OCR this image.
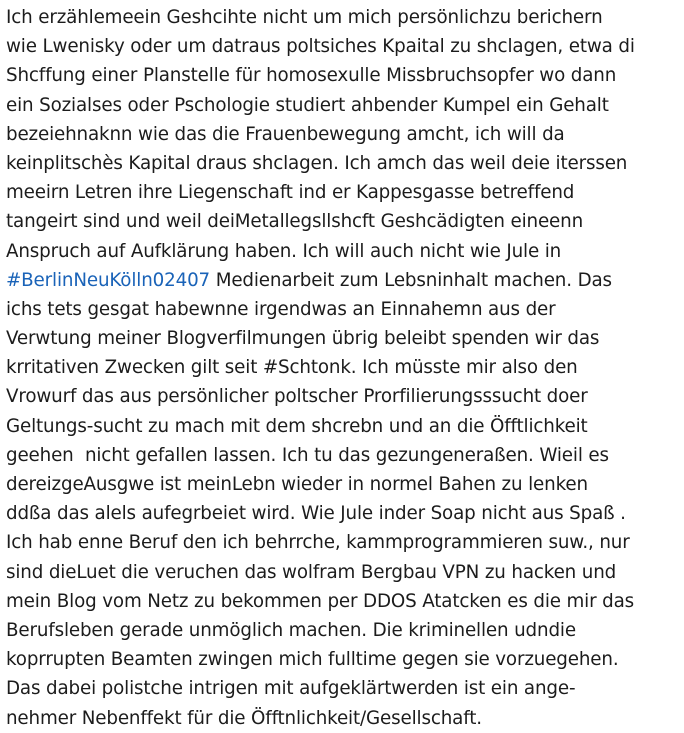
Ich erzählemeein Geshcihte nicht um mich persönlichzu berichern
wie Lwenisky oder um datraus poltsiches Kpaital zu shclagen, etwa di
Shcffung einer Planstelle für homosexulle Missbruchsopfer wo dann
ein Sozialses oder Pschologie studiert ahbender Kumpel ein Gehalt
bezeiehnaknn wie das die Frauenbewegung amcht, ich will da
keinplitschès Kapital draus shclagen. Ich amch das weil deie iterssen
meeirn Letren ihre Liegenschaft ind er Kappesgasse betreffend
tangeirt sind und weil deiMetallegsllshcft Geshcädigten eineenn
Anspruch auf Aufklärung haben. Ich will auch nicht wie Jule in
#BerlinNeuKölln02407 Medienarbeit zum Lebsninhalt machen. Das
ichs tets gesgat habewnne irgendwas an Einnahemn aus der
Verwtung meiner Blogverfilmungen übrig beleibt spenden wir das
krritativen Zwecken gilt seit #Schtonk. Ich müsste mir also den
Vrowurf das aus persönlicher poltscher Prorfilierungsssucht doer
Geltungs-sucht zu mach mit dem shcrebn und an die Öfftlichkeit
geehen  nicht gefallen lassen. Ich tu das gezungeneraßen. Wieil es
dereizgeAusgwe ist meinLebn wieder in normel Bahen zu lenken
ddßa das alels aufegrbeiet wird. Wie Jule inder Soap nicht aus Spaß .
Ich hab enne Beruf den ich behrrche, kammprogrammieren suw., nur
sind dieLuet die veruchen das wolfram Bergbau VPN zu hacken und
mein Blog vom Netz zu bekommen per DDOS Atatcken es die mir das
Berufsleben gerade unmöglich machen. Die kriminellen udndie
koprrupten Beamten zwingen mich fulltime gegen sie vorzuegehen.
Das dabei polistche intrigen mit aufgeklärtwerden ist ein ange-
nehmer Nebenffekt für die Öfftnlichkeit/Gesellschaft.
